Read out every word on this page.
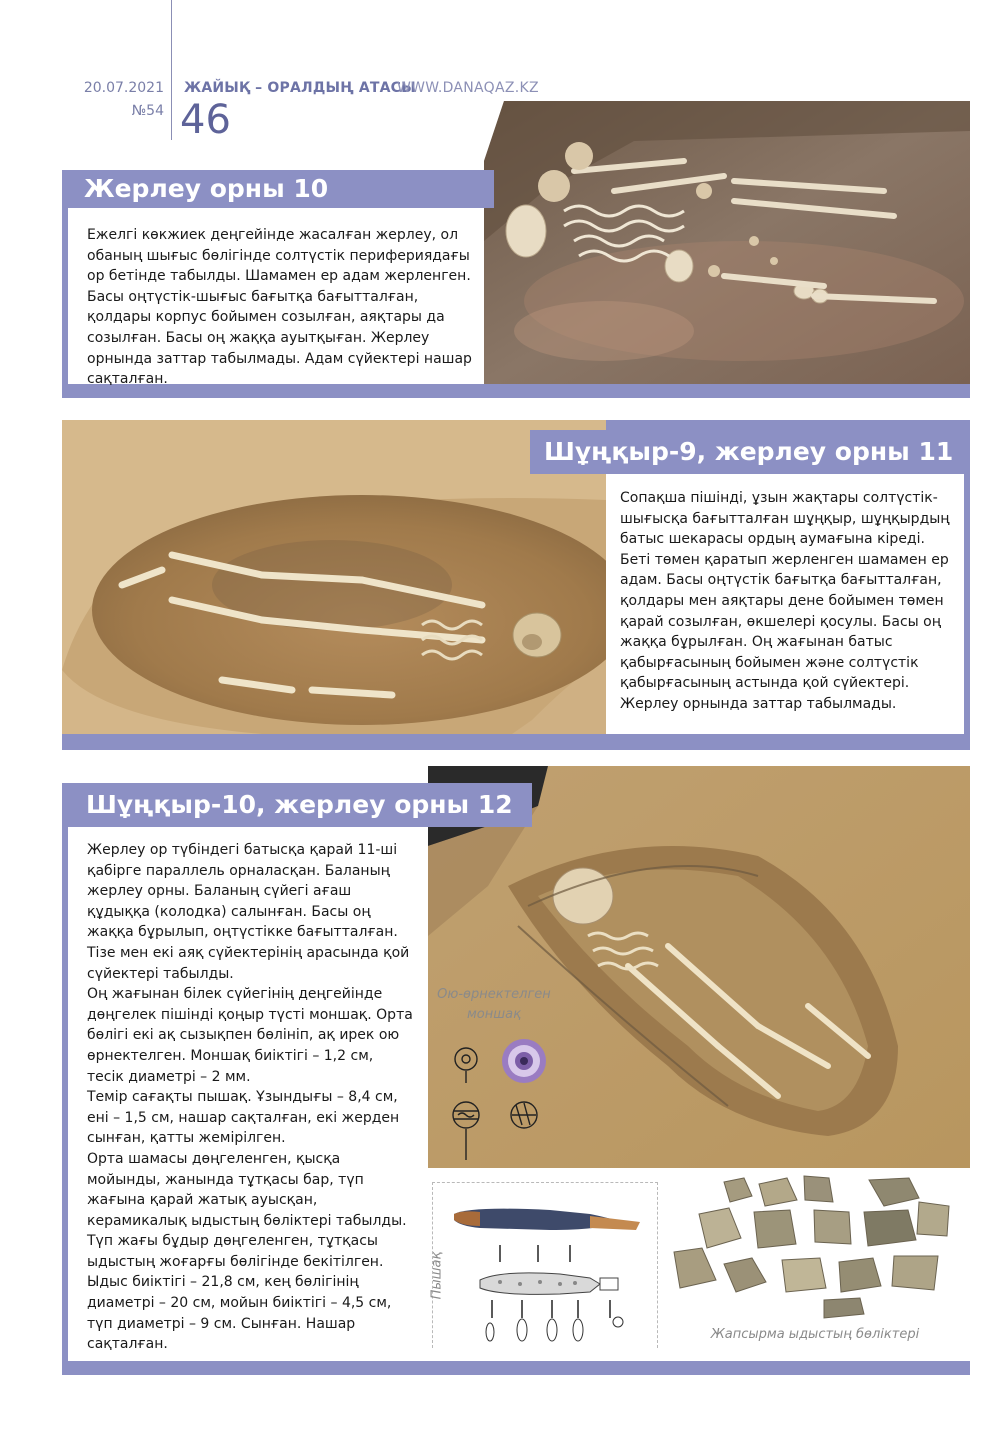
20.07.2021
№54
ЖАЙЫҚ – ОРАЛДЫҢ АТАСЫ
WWW.DANAQAZ.KZ
46
Жерлеу орны 10
Ежелгі көкжиек деңгейінде жасалған жерлеу, ол обаның шығыс бөлігінде солтүстік перифериядағы ор бетінде табылды. Шамамен ер адам жерленген. Басы оңтүстік-шығыс бағытқа бағытталған, қолдары корпус бойымен созылған, аяқтары да созылған. Басы оң жаққа ауытқыған. Жерлеу орнында заттар табылмады. Адам сүйектері нашар сақталған.
Шұңқыр-9, жерлеу орны 11
Сопақша пішінді, ұзын жақтары солтүстік-шығысқа бағытталған шұңқыр, шұңқырдың батыс шекарасы ордың аумағына кіреді. Беті төмен қаратып жерленген шамамен ер адам. Басы оңтүстік бағытқа бағытталған, қолдары мен аяқтары дене бойымен төмен қарай созылған, өкшелері қосулы. Басы оң жаққа бұрылған. Оң жағынан батыс қабырғасының бойымен және солтүстік қабырғасының астында қой сүйектері. Жерлеу орнында заттар табылмады.
Шұңқыр-10, жерлеу орны 12

Жерлеу ор түбіндегі батысқа қарай 11-ші қабірге параллель орналасқан. Баланың жерлеу орны. Баланың сүйегі ағаш құдыққа (колодка) салынған. Басы оң жаққа бұрылып, оңтүстікке бағытталған. Тізе мен екі аяқ сүйектерінің арасында қой сүйектері табылды.

Оң жағынан білек сүйегінің деңгейінде дөңгелек пішінді қоңыр түсті моншақ. Орта бөлігі екі ақ сызықпен бөлініп, ақ ирек ою өрнектелген. Моншақ биіктігі – 1,2 см, тесік диаметрі – 2 мм.

Темір сағақты пышақ. Ұзындығы – 8,4 см, ені – 1,5 см, нашар сақталған, екі жерден сынған, қатты жемірілген.

Орта шамасы дөңгеленген, қысқа мойынды, жанында тұтқасы бар, түп жағына қарай жатық ауысқан, керамикалық ыдыстың бөліктері табылды. Түп жағы бұдыр дөңгеленген, тұтқасы ыдыстың жоғарғы бөлігінде бекітілген. Ыдыс биіктігі – 21,8 см, кең бөлігінің диаметрі – 20 см, мойын биіктігі – 4,5 см, түп диаметрі – 9 см. Сынған. Нашар сақталған.

Ою-өрнектелген моншақ
Пышақ
Жапсырма ыдыстың бөліктері
